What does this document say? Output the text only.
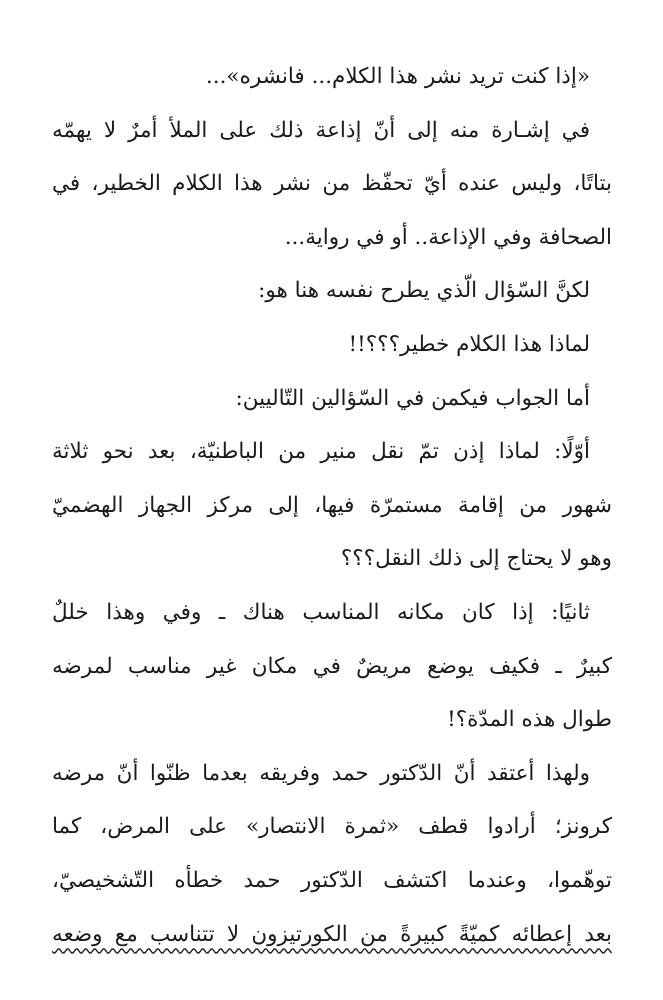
«إذا كنت تريد نشر هذا الكلام... فانشره»...
في إشـارة منه إلى أنّ إذاعة ذلك على الملأ أمرٌ لا يهمّه
بتاتًا، وليس عنده أيّ تحفّظ من نشر هذا الكلام الخطير، في
الصحافة وفي الإذاعة.. أو في رواية...
لكنَّ السّؤال الّذي يطرح نفسه هنا هو:
لماذا هذا الكلام خطير؟؟؟!!
أما الجواب فيكمن في السّؤالين التّاليين:
أوّلًا: لماذا إذن تمّ نقل منير من الباطنيّة، بعد نحو ثلاثة
شهور من إقامة مستمرّة فيها، إلى مركز الجهاز الهضميّ
وهو لا يحتاج إلى ذلك النقل؟؟؟
ثانيًا: إذا كان مكانه المناسب هناك ـ وفي وهذا خللٌ
كبيرٌ ـ فكيف يوضع مريضٌ في مكان غير مناسب لمرضه
طوال هذه المدّة؟!
ولهذا أعتقد أنّ الدّكتور حمد وفريقه بعدما ظنّوا أنّ مرضه
كرونز؛ أرادوا قطف «ثمرة الانتصار» على المرض، كما
توهّموا، وعندما اكتشف الدّكتور حمد خطأه التّشخيصيّ،
بعد إعطائه كميّةً كبيرةً من الكورتيزون لا تتناسب مع وضعه
